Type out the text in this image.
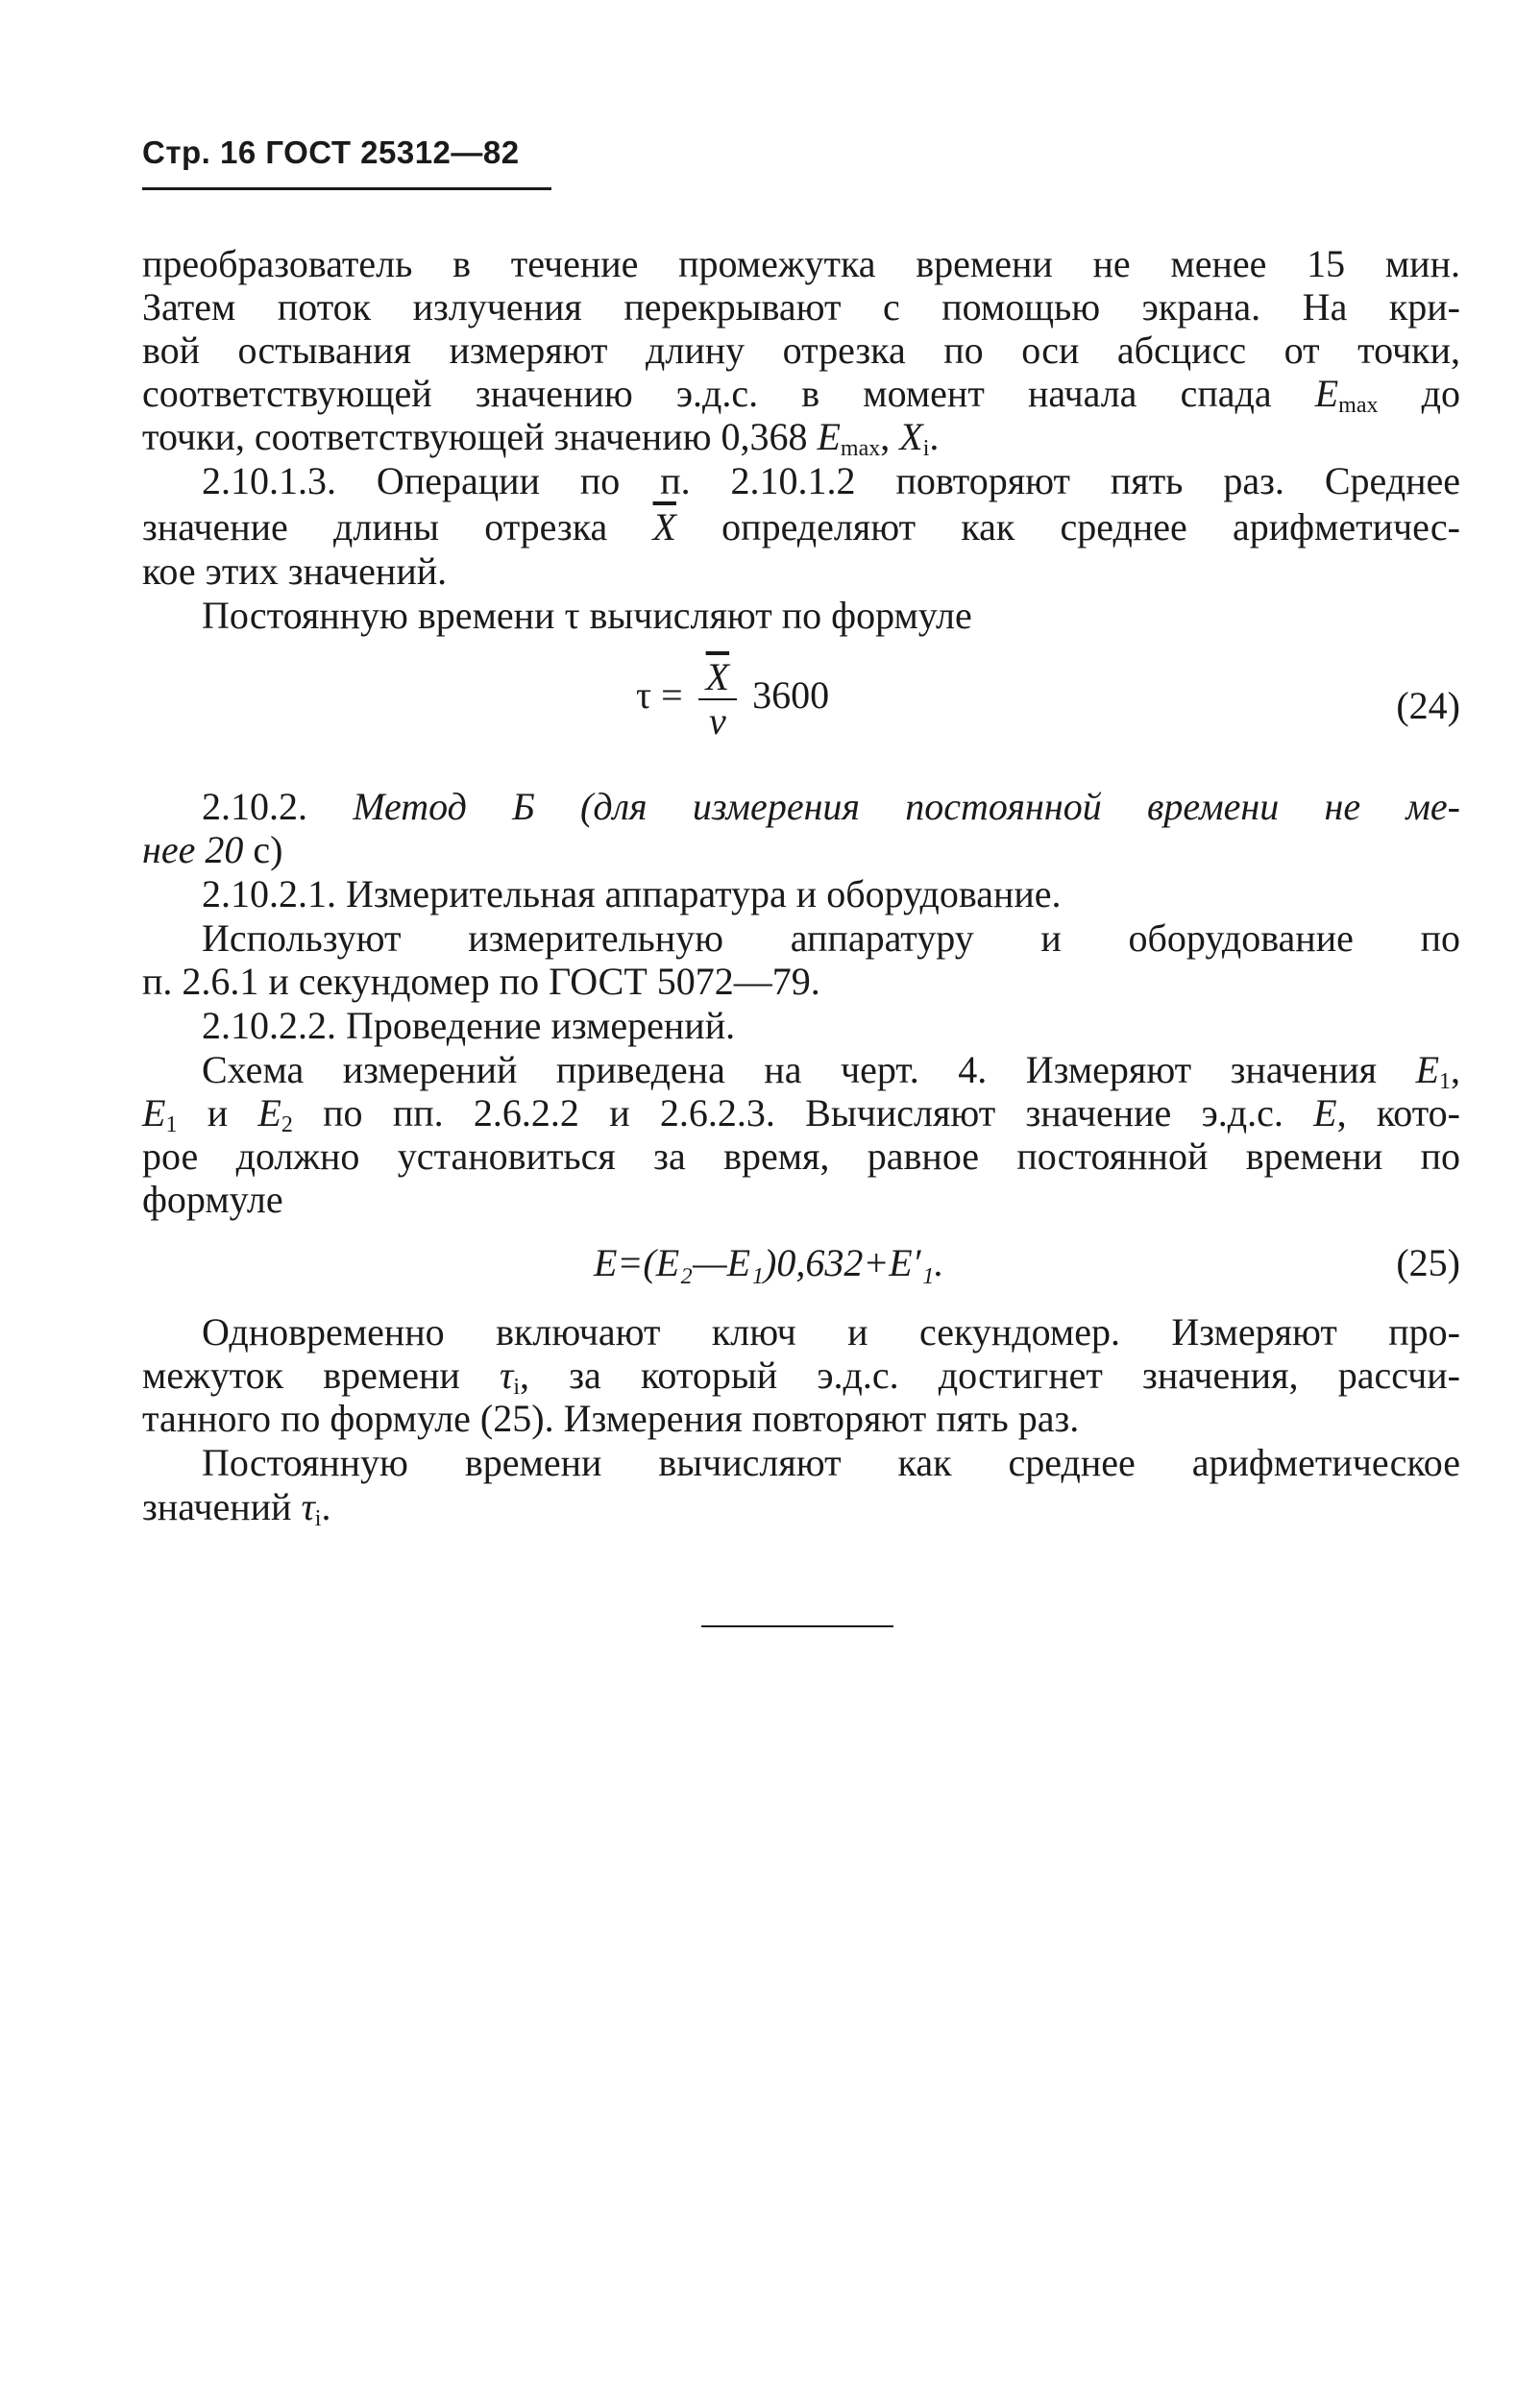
Стр. 16 ГОСТ 25312—82
преобразователь в течение промежутка времени не менее 15 мин.
Затем поток излучения перекрывают с помощью экрана. На кри-
вой остывания измеряют длину отрезка по оси абсцисс от точки,
соответствующей значению э.д.с. в момент начала спада $E_{max}$ до
точки, соответствующей значению 0,368 $E_{max}$, $X_i$.
2.10.1.3. Операции по п. 2.10.1.2 повторяют пять раз. Среднее
значение длины отрезка $\overline{X}$ определяют как среднее арифметичес-
кое этих значений.
Постоянную времени τ вычисляют по формуле
$\tau = \frac{\overline{X}}{v} 3600$	(24)
2.10.2. Метод Б (для измерения постоянной времени не ме-
нее 20 с)
2.10.2.1. Измерительная аппаратура и оборудование.
Используют измерительную аппаратуру и оборудование по
п. 2.6.1 и секундомер по ГОСТ 5072—79.
2.10.2.2. Проведение измерений.
Схема измерений приведена на черт. 4. Измеряют значения $E_1$,
$E_1$ и $E_2$ по пп. 2.6.2.2 и 2.6.2.3. Вычисляют значение э.д.с. E, кото-
рое должно установиться за время, равное постоянной времени по
формуле
E=(E₂—E₁)0,632+E′₁.	(25)
Одновременно включают ключ и секундомер. Измеряют про-
межуток времени $\tau_i$, за который э.д.с. достигнет значения, рассчи-
танного по формуле (25). Измерения повторяют пять раз.
Постоянную времени вычисляют как среднее арифметическое
значений $\tau_i$.
